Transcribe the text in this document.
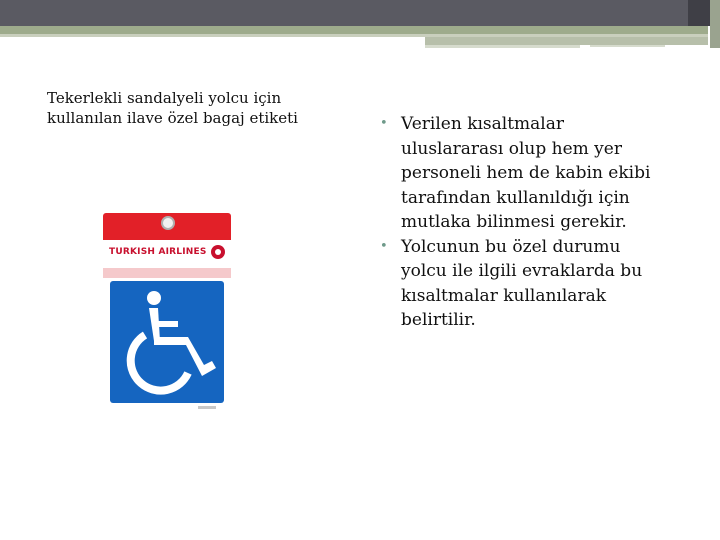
Tekerlekli sandalyeli yolcu için
kullanılan ilave özel bagaj etiketi
TURKISH AIRLINES
• Verilen kısaltmalar
uluslararası olup hem yer
personeli hem de kabin ekibi
tarafından kullanıldığı için
mutlaka bilinmesi gerekir.
• Yolcunun bu özel durumu
yolcu ile ilgili evraklarda bu
kısaltmalar kullanılarak
belirtilir.
